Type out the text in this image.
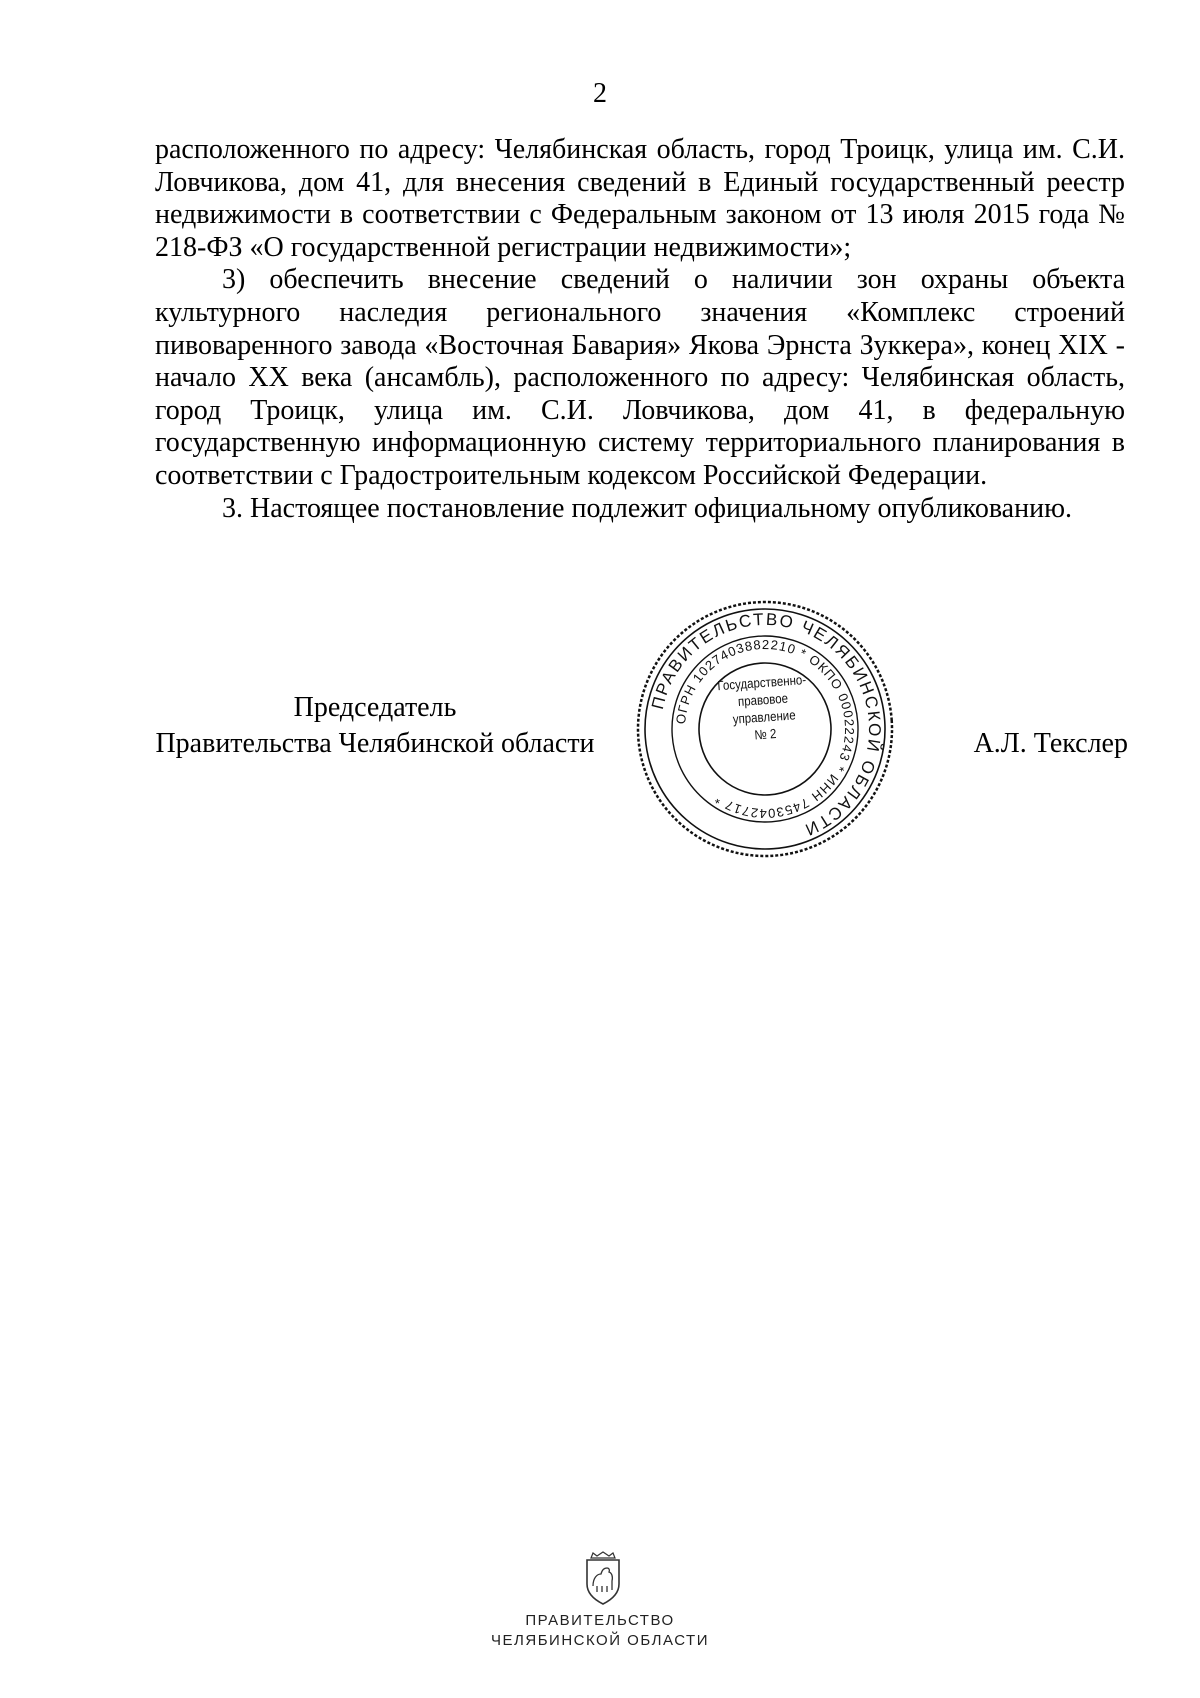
2

расположенного по адресу: Челябинская область, город Троицк, улица им. С.И. Ловчикова, дом 41, для внесения сведений в Единый государственный реестр недвижимости в соответствии с Федеральным законом от 13 июля 2015 года № 218-ФЗ «О государственной регистрации недвижимости»;

3) обеспечить внесение сведений о наличии зон охраны объекта культурного наследия регионального значения «Комплекс строений пивоваренного завода «Восточная Бавария» Якова Эрнста Зуккера», конец XIX - начало XX века (ансамбль), расположенного по адресу: Челябинская область, город Троицк, улица им. С.И. Ловчикова, дом 41, в федеральную государственную информационную систему территориального планирования в соответствии с Градостроительным кодексом Российской Федерации.

3. Настоящее постановление подлежит официальному опубликованию.

Председатель
Правительства Челябинской области
ПРАВИТЕЛЬСТВО ЧЕЛЯБИНСКОЙ ОБЛАСТИ
ОГРН 1027403882210 * ОКПО 00022243 * ИНН 7453042717 *
Государственно-
правовое
управление
№ 2	А.Л. Текслер
ПРАВИТЕЛЬСТВО
ЧЕЛЯБИНСКОЙ ОБЛАСТИ
